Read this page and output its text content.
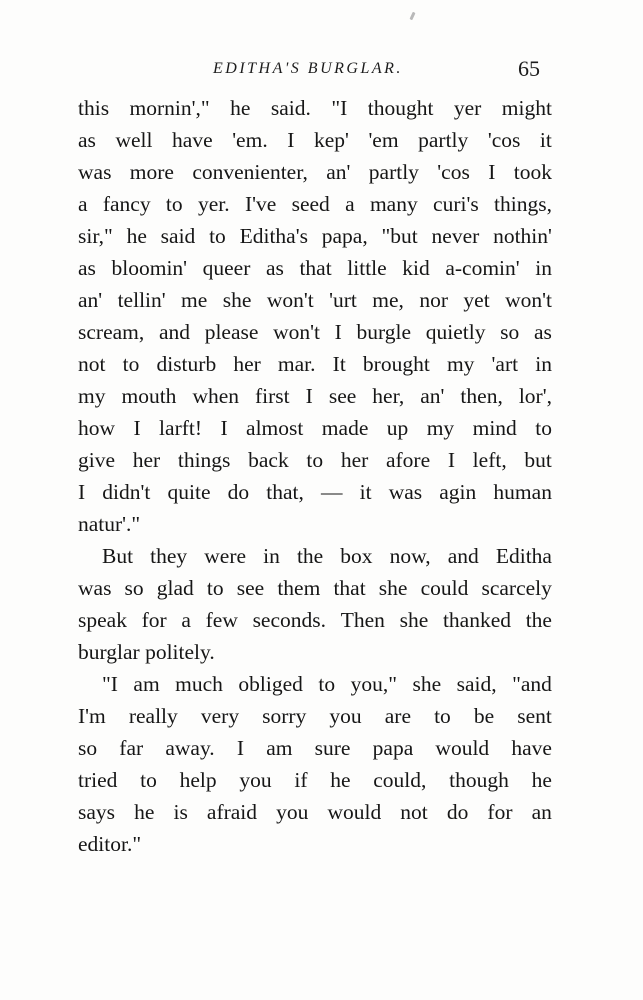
EDITHA'S BURGLAR.	65
this mornin'," he said. "I thought yer might
as well have 'em. I kep' 'em partly 'cos it
was more convenienter, an' partly 'cos I took
a fancy to yer. I've seed a many curi's things,
sir," he said to Editha's papa, "but never nothin'
as bloomin' queer as that little kid a-comin' in
an' tellin' me she won't 'urt me, nor yet won't
scream, and please won't I burgle quietly so as
not to disturb her mar. It brought my 'art in
my mouth when first I see her, an' then, lor',
how I larft! I almost made up my mind to
give her things back to her afore I left, but
I didn't quite do that, — it was agin human
natur'."
But they were in the box now, and Editha
was so glad to see them that she could scarcely
speak for a few seconds. Then she thanked the
burglar politely.
"I am much obliged to you," she said, "and
I'm really very sorry you are to be sent
so far away. I am sure papa would have
tried to help you if he could, though he
says he is afraid you would not do for an
editor."
